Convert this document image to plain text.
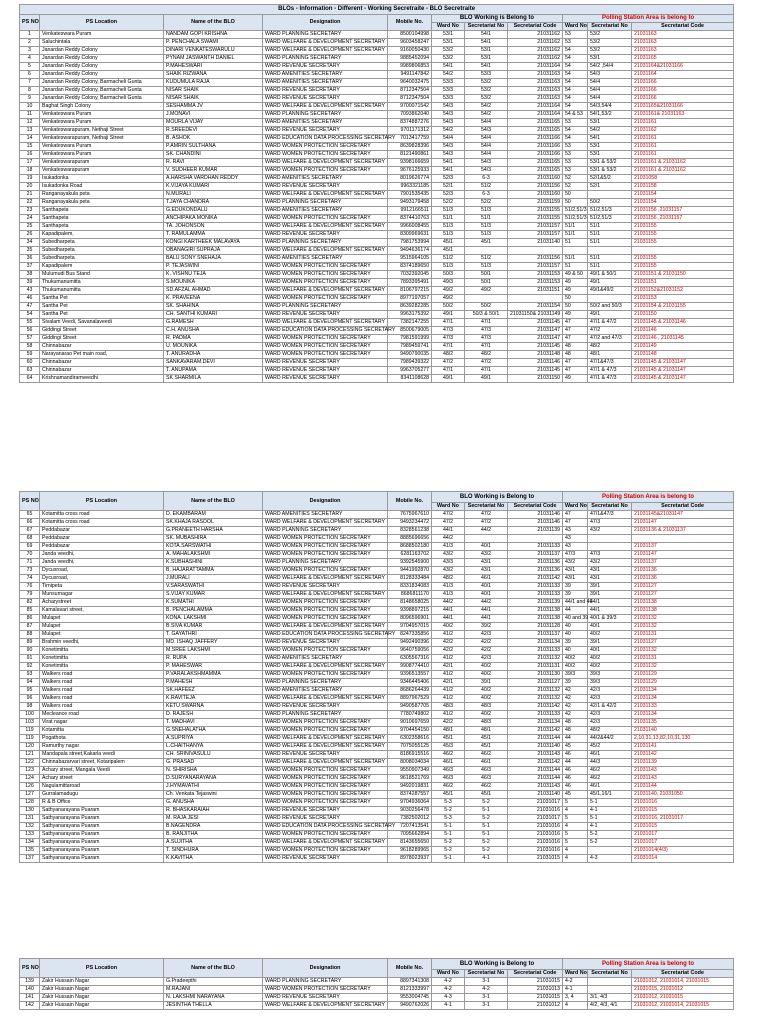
BLOs - Information - Different - Working Secretraite - BLO Secretraite										
PS NO	PS Location	Name of the BLO	Designation	Mobile No.	BLO Working is Belong to			Polling Station Area is belong to		
					Ward No	Secretariat No	Secretariat Code	Ward No	Secretariat No	Secretariat Code
1	Venkateswara Puram	NANDAM GOPI KRISHNA	WARD PLANNING SECRETARY	8500104998	53/1	54/1	21031162	53	53/2	21031163
2	Saluchintala	P. PENCHALA SWAMI	WARD WELFARE & DEVELOPMENT SECRETARY	9603458247	53/1	54/1	21031162	53	53/2	21031163
3	Janardan Reddy Colony	DINARI VENKATESWARULU	WARD WELFARE & DEVELOPMENT SECRETARY	9160050430	53/2	53/1	21031162	54	53/2	21031163
4	Janardan Reddy Colony	PYNAM JASWANTH DANIEL	WARD PLANNING SECRETARY	9885452094	53/2	53/1	21031162	54	53/1	21031165
5	Janardan Reddy Colony	P.MAHESWARI	WARD REVENUE SECRETARY	9989806853	54/1	54/1	21031164	54	54/2 ,54/4	21031164&21031166
6	Janardan Reddy Colony	SHAIK RIZWANA	WARD AMENITIES SECRETARY	9491147842	54/2	53/3	21031163	54	54/3	21031164
7	Janardan Reddy Colony, Barmacheli Gunta	KUDUMULA RAJA	WARD AMENITIES SECRETARY	9640032475	53/3	53/2	21031163	54	54/4	21031166
8	Janardan Reddy Colony, Barmacheli Gunta	NISAR SHAIK	WARD REVENUE SECRETARY	8712347504	53/3	53/2	21031163	54	54/4	21031166
9	Janardan Reddy Colony, Barmacheli Gunta	NISAR SHAIK	WARD REVENUE SECRETARY	8712347504	53/3	53/2	21031163	54	54/4	21031166
10	Baghat Singh Colony	SESHAMMA JV	WARD WELFARE & DEVELOPMENT SECRETARY	9700071542	54/3	54/2	21031164	54	54/3,54/4	21031165&21031166
11	Venkateswara Puram	J.MONAVI	WARD PLANNING SECRETARY	7093862040	54/3	54/2	21031164	54 & 53	54/1,53/2	21031161& 21031163
12	Venkateswara Puram	MOURLA VIJAY	WARD AMENITIES SECRETARY	8374887276	54/3	54/4	21031165	53	53/1	21031161
13	Venkateswarapuram, Nethaji Street	R.SREEDEVI	WARD REVENUE SECRETARY	9701171312	54/2	54/3	21031165	54	54/2	21031162
14	Venkateswarapuram, Nethaji Street	B. ASHOK	WARD EDUCATION DATA PROCESSING SECRETARY	7013417759	54/4	54/4	21031166	54	54/1	21031161
15	Venkateswara Puram	P.AMRIN SULTHANA	WARD WOMEN PROTECTION SECRETARY	8639828396	54/3	54/4	21031166	53	53/1	21031161
16	Venkateswara Puram	SK. CHANDINI	WARD WOMEN PROTECTION SECRETARY	8121490861	54/3	54/4	21031166	53	53/1	21031161
17	Venkateswarapuram	R. RAVI	WARD WELFARE & DEVELOPMENT SECRETARY	9398166659	54/1	54/3	21031165	53	53/1 & 53/2	21031161 & 21031162
18	Venkateswarapuram	V. SUDHEER KUMAR	WARD WOMEN PROTECTION SECRETARY	9676125933	54/1	54/3	21031165	53	53/1 & 53/2	21031161 & 21031162
19	Isukadonka	A.HARSHA VARDHAN REDDY	WARD AMENITIES SECRETARY	8019626774	52/3	6-3	21031160	52	52/1&5/2	21031058
20	Isukadonka Road	K.VIJAYA KUMARI	WARD REVENUE SECRETARY	9963321185	52/1	51/2	21031156	52	52/1	21031158
21	Ranganayakula peta	N.MURALI	WARD WELFARE & DEVELOPMENT SECRETARY	7901535435	52/3	6-3	21031160	50		21031154
22	Ranganayakula peta	T.JAYA CHANDRA	WARD PLANNING SECRETARY	9493179458	52/2	52/2	21031159	50	50/2	21031154
23	Santhapeta	G.EDUKONDALU	WARD AMENITIES SECRETARY	9912166511	51/3	51/3	21031155	51/2,51/3	51/2,51/3	21031156 ,21031157
24	Santhapeta	ANCHIPAKA MONIKA	WARD WOMEN PROTECTION SECRETARY	8374410763	51/1	51/1	21031155	51/2,51/3	51/2,51/3	21031156 ,21031157
25	Santhapeta	TA. JOHONSON	WARD WELFARE & DEVELOPMENT SECRETARY	9966008455	51/3	51/3	21031157	51/1	51/1	21031155
26	Kapadipalem,	T. RAMULAMMA	WARD REVENUE SECRETARY	8309969631	51/3	51/3	21031157	51/1	51/1	21031155
34	Subedharpeta	KONGI KARTHEEK MALAVAYA	WARD PLANNING SECRETARY	7981753994	45/1	45/1	21031140	51	51/1	21031155
35	Subedharpeta	OBANAGIRI SUPRAJA	WARD WELFARE & DEVELOPMENT SECRETARY	9494636174	45/1					
36	Subedharpeta	BALU SONY SNEHAJA	WARD AMENITIES SECRETARY	9515964105	51/2	51/2	21031156	51/1	51/1	21031155
37	Kapadipalem	P. TEJASWINI	WARD WOMEN PROTECTION SECRETARY	8374189650	51/3	51/3	21031157	51	51/1	21031155
38	Mulumudi Bus Stand	K. VISHNU TEJA	WARD WOMEN PROTECTION SECRETARY	7032392045	50/3	50/1	21031153	49 & 50	49/1 & 50/1	21031151 & 21031150
39	Thukumanumitta	S.MOUNIKA	WARD WOMEN PROTECTION SECRETARY	7893395491	49/3	50/1	21031153	49	49/1	21031151
43	Thukumanumitta	SD.AFZAL AHMAD	WARD WELFARE & DEVELOPMENT SECRETARY	8106797215	49/2	49/2	21031151	49	49/1&49/2	21031152&21031152
46	Santha Pet	K. PRAVEENA	WARD WOMEN PROTECTION SECRETARY	8977197057	49/2			50		21031153
47	Santha Pet	SK. SHAHINA	WARD PLANNING SECRETARY	8639282285	50/2	50/2	21031154	50	50/2 and 50/3	21031154 & 21031155
54	Santha Pet	CH. SANTHI KUMARI	WARD REVENUE SECRETARY	9963175392	49/1	50/3 & 50/1	21031150& 21031149	49	49/1	21031150
55	Sivalam Veedi, Savanalaveedi	G.RAMESH	WARD WELFARE & DEVELOPMENT SECRETARY	7382147255	47/1	47/1	21031145	47	47/1 & 47/2	21031145 & 21031146
56	Giddingi Street	C.H. ANUSHA	WARD EDUCATION DATA PROCESSING SECRETARY	8500679005	47/3	47/3	21031147	47	47/2	21031146
57	Giddingi Street	R. PADMA	WARD WOMEN PROTECTION SECRETARY	7981591999	47/3	47/3	21031147	47	47/2 and 47/3	21031146 , 21031145
58	Chinnabazar	U. MOUNIKA	WARD WOMEN PROTECTION SECRETARY	7989459741	47/1	47/1	21031145	48	48/2	21031149
59	Narayanarao Pet main road,	T. ANURADHA	WARD WOMEN PROTECTION SECRETARY	9490790035	48/2	48/2	21031148	48	48/1	21031148
60	Chinnabazar	SANKAVARAM.DEVI	WARD REVENUE SECRETARY	7989439322	47/2	47/2	21031146	47	47/1&47/3	21031145 & 21031147
63	Chinnabazar	T. ANUPAMA	WARD REVENUE SECRETARY	9963705277	47/1	47/1	21031145	47	47/1 & 47/3	21031145 & 21031147
64	Krishnamandiramveedhi	SK SHARMILA	WARD REVENUE SECRETARY	8341108628	49/1	49/1	21031150	49	47/1 & 47/3	21031145 & 21031147
PS NO	PS Location	Name of the BLO	Designation	Mobile No.	BLO Working is Belong to			Polling Station Area is belong to		
					Ward No	Secretariat No	Secretariat Code	Ward No	Secretariat No	Secretariat Code
65	Kotamitta cross road	D. EKAMBARAM	WARD AMENITIES SECRETARY	7675967610	47/2	47/2	21031146	47	47/1&47/3	21031145&21031147
66	Kotamitta cross road	SK.KHAJA RASOOL	WARD WELFARE & DEVELOPMENT SECRETARY	9493234472	47/2	47/2	21031146	47	47/3	21031147
67	Peddabazar	G.PRANEETH HARSHA	WARD PLANNING SECRETARY	8328561238	44/1	44/2	21031139	43	43/2	21031136 & 21031137
68	Peddabazar	SK. MUBASHIRA	WARD WOMEN PROTECTION SECRETARY	8885696656	44/2			43		
69	Peddabazar	KOTA.SARSWATHI	WARD WOMEN PROTECTION SECRETARY	8688502180	41/3	40/1	21031133	43		21031137
70	Janda veedhi,	A. MAHALAKSHMI	WARD WOMEN PROTECTION SECRETARY	6281163702	43/2	43/2	21031137	47/3	47/3	21031147
71	Janda veedhi,	K.SUBHASHINI	WARD PLANNING SECRETARY	9392545900	43/3	43/1	21031136	43/2	43/2	21031137
73	Dycusroad,	B. HAJARATTAMMA	WARD WOMEN PROTECTION SECRETARY	9441992870	43/2	43/1	21031136	43/1	43/1	21031136
74	Dycusroad,	J.MURALI	WARD WELFARE & DEVELOPMENT SECRETARY	8128333484	48/2	46/1	21031142	43/1	43/1	21031136
76	Tirnipeta	V.SARASWATHI	WARD REVENUE SECRETARY	8331834083	41/3	40/1	21031133	39	39/1	21031127
79	Munsurnagar	S.VIJAY KUMAR	WARD WELFARE & DEVELOPMENT SECRETARY	8686811170	41/3	40/1	21031133	39	39/1	21031127
82	Acharystreet	K.SUMATHI	WARD WOMEN PROTECTION SECRETARY	8148658025	44/2	44/2	21031139	44/1 and 46	44/1	21031138
85	Kamalavari street,	B. PENCHALAMMA	WARD WOMEN PROTECTION SECRETARY	9398897215	44/1	44/1	21031138	44	44/1	21031138
86	Mulapet	KONA. LAKSHMI	WARD WOMEN PROTECTION SECRETARY	8096596901	44/1	44/1	21031138	40 and 39	40/1 & 39/3	21031132
87	Mulapet	B.SIVA KUMAR	WARD WELFARE & DEVELOPMENT SECRETARY	9704957015	40/2	39/2	21031128	40	40/1	21031132
88	Mulapet	T. GAYATHRI	WARD EDUCATION DATA PROCESSING SECRETARY	8247335856	41/2	42/3	21031137	40	40/2	21031131
89	Brahmin veedhi,	MD. ISHAQ JAFFERY	WARD REVENUE SECRETARY	9492490396	42/2	42/2	21031134	39	39/1	21031127
90	Konetimitta	M.SREE LAKSHMI	WARD WOMEN PROTECTION SECRETARY	9640759056	42/2	42/2	21031133	40	40/1	21031132
91	Konetimitta	R. RUPA	WARD AMENITIES SECRETARY	6305567316	41/2	42/3	21031132	40/2	40/2	21031131
92	Konetimitta	P. MAHESWAR	WARD WELFARE & DEVELOPMENT SECRETARY	9908774410	42/1	40/2	21031131	40/2	40/2	21031132
93	Walkers road	P.VARALAKSHMAMMA	WARD WOMEN PROTECTION SECRETARY	9396513557	41/2	40/2	21031130	39/3	39/3	21031129
94	Walkers road	P.MAHESH	WARD PLANNING SECRETARY	9346445406	42/1	39/1	21031127	39	39/3	21031129
95	Walkers road	SK.HAFEEZ	WARD AMENITIES SECRETARY	8686264439	41/2	40/2	21031132	42	42/3	21031134
96	Walkers road	K.RAVITEJA	WARD WELFARE & DEVELOPMENT SECRETARY	8897967529	41/2	40/2	21031132	42	42/3	21031134
98	Walkers road	KETU SWARNA	WARD REVENUE SECRETARY	9490587705	48/3	48/3	21031142	42	42/1 & 42/2	21031133
100	Mecleance road	D. RAJESH	WARD PLANNING SECRETARY	7780749802	41/2	40/2	21031133	42	42/3	21031134
103	Virat nagar	T. MADHAVI	WARD WOMEN PROTECTION SECRETARY	9010697659	42/2	48/3	21031134	48	42/3	21031135
119	Kotamitta	G.SNEHALATHA	WARD WOMEN PROTECTION SECRETARY	9704454150	48/1	48/1	21031142	48	48/2	21031140
119	Pogathota	A.SUPRIYA	WARD WELFARE & DEVELOPMENT SECRETARY	6302358616	45/1	45/1	21031144	44	44/2&44/2	2,10,31,13,82,10,31,130
120	Ramurthy nagar	L.CHAITHANYA	WARD WELFARE & DEVELOPMENT SECRETARY	7075055125	45/3	45/1	21031140	45	45/2	21031141
121	Mandapala street,Kakarla veedi	CH. SRINIVASULU	WARD REVENUE SECRETARY	8186915516	46/2	46/2	21031143	46	46/1	21031142
122	Chinnabazarvari street, Kotaripalem	G. PRASAD	WARD WELFARE & DEVELOPMENT SECRETARY	8008034034	46/1	46/1	21031142	44	44/3	21031139
123	Achary street, Mangala Veedi	N. SHIRISHA	WARD WOMEN PROTECTION SECRETARY	9550907349	46/3	46/3	21031144	46	46/2	21031143
124	Achary street	D.SURYANARAYANA	WARD WOMEN PROTECTION SECRETARY	9618521769	46/3	46/3	21031144	46	46/2	21031143
126	Nagulamittaroad	J.HYMAVATHI	WARD WOMEN PROTECTION SECRETARY	9492019831	46/2	46/2	21031143	46	46/1	21031144
127	Gurralamadugu	Ch. Venkata Tejaswini	WARD WOMEN PROTECTION SECRETARY	8374287557	45/1	45/1	21031140	45	45/1,16/1	21031140, 21031050
128	R & B Office	G. ANUSHA	WARD WOMEN PROTECTION SECRETARY	9704936064	5-3	5-2	21031017	5	5-1	21031016
130	Sathyanarayana Puaram	R. BHASKARAIAH	WARD REVENUE SECRETARY	9030256478	5-2	5-1	21031016	4	4-1	21031015
131	Sathyanarayana Puaram	M. RAJA JESI	WARD REVENUE SECRETARY	7382502012	5-3	5-2	21031017	5	5-1	21031016, 21031017
132	Sathyanarayana Puaram	B.NAGENDRA	WARD EDUCATION DATA PROCESSING SECRETARY	7207413541	5-1	5-1	21031016	4	4-1	21031015
133	Sathyanarayana Puaram	B. RANJITHA	WARD WOMEN PROTECTION SECRETARY	7095662894	5-1	5-1	21031016	5	5-2	21031017
134	Sathyanarayana Puaram	A.SUJITHA	WARD WELFARE & DEVELOPMENT SECRETARY	8143655650	5-2	5-2	21031016	5	5-2	21031017
135	Sathyanarayana Puaram	T. SINDHURA	WARD WOMEN PROTECTION SECRETARY	9618289965	5-2	5-2	21031016	4		21031014(4/3)
137	Sathyanarayana Puaram	K.KAVITHA	WARD REVENUE SECRETARY	8978023937	5-1	4-1	21031015	4	4-3	21031014
PS NO	PS Location	Name of the BLO	Designation	Mobile No.	BLO Working is Belong to			Polling Station Area is belong to		
					Ward No	Secretariat No	Secretariat Code	Ward No	Secretariat No	Secretariat Code
139	Zakir Hussain Nagar	G.Pradeepthi	WARD PLANNING SECRETARY	8897341308	4-2	3-1	21031015	4-2		21031012, 21031014, 21031015
140	Zakir Hussain Nagar	M.RAJANI	WARD WOMEN PROTECTION SECRETARY	8121333997	4-2	4-2	21031013	4-1		21031015, 21031012
141	Zakir Hussain Nagar	N. LAKSHMI NARAYANA	WARD REVENUE SECRETARY	9553004745	4-3	3-1	21031015	3, 4	3/1, 4/3	21031012, 21031015
142	Zakir Hussain Nagar	JESINTHA THELLA	WARD WELFARE & DEVELOPMENT SECRETARY	9490762026	4-1	3-1	21031012	4	4/2, 4/3, 4/1	21031012, 21031014, 21031015
